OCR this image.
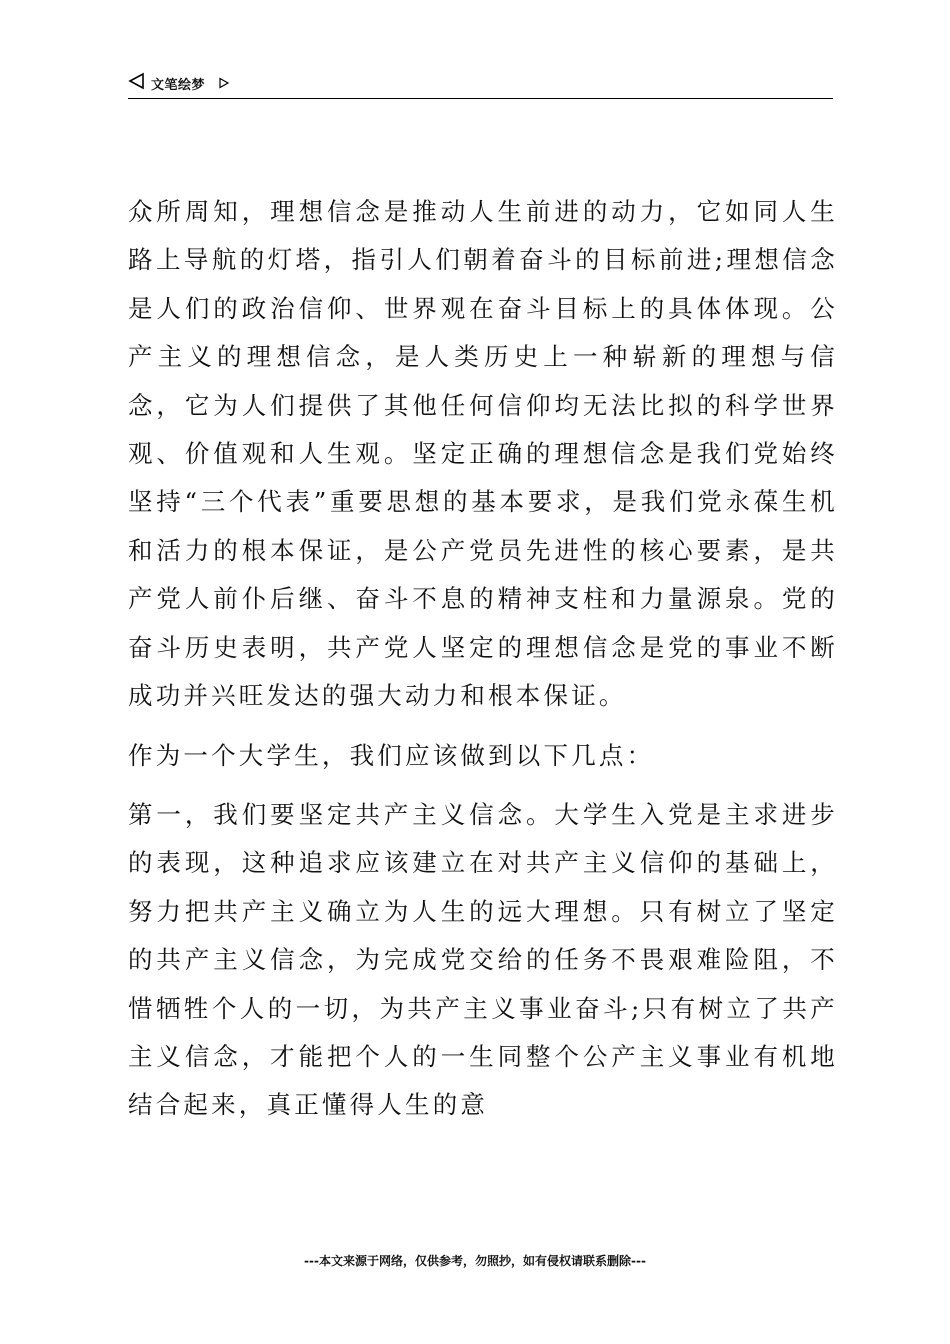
文笔绘梦

众所周知，理想信念是推动人生前进的动力，它如同人生路上导航的灯塔，指引人们朝着奋斗的目标前进;理想信念是人们的政治信仰、世界观在奋斗目标上的具体体现。公产主义的理想信念，是人类历史上一种崭新的理想与信念，它为人们提供了其他任何信仰均无法比拟的科学世界观、价值观和人生观。坚定正确的理想信念是我们党始终坚持“三个代表”重要思想的基本要求，是我们党永葆生机和活力的根本保证，是公产党员先进性的核心要素，是共产党人前仆后继、奋斗不息的精神支柱和力量源泉。党的奋斗历史表明，共产党人坚定的理想信念是党的事业不断成功并兴旺发达的强大动力和根本保证。

作为一个大学生，我们应该做到以下几点：

第一，我们要坚定共产主义信念。大学生入党是主求进步的表现，这种追求应该建立在对共产主义信仰的基础上，努力把共产主义确立为人生的远大理想。只有树立了坚定的共产主义信念，为完成党交给的任务不畏艰难险阻，不惜牺牲个人的一切，为共产主义事业奋斗;只有树立了共产主义信念，才能把个人的一生同整个公产主义事业有机地结合起来，真正懂得人生的意

---本文来源于网络，仅供参考，勿照抄，如有侵权请联系删除---
